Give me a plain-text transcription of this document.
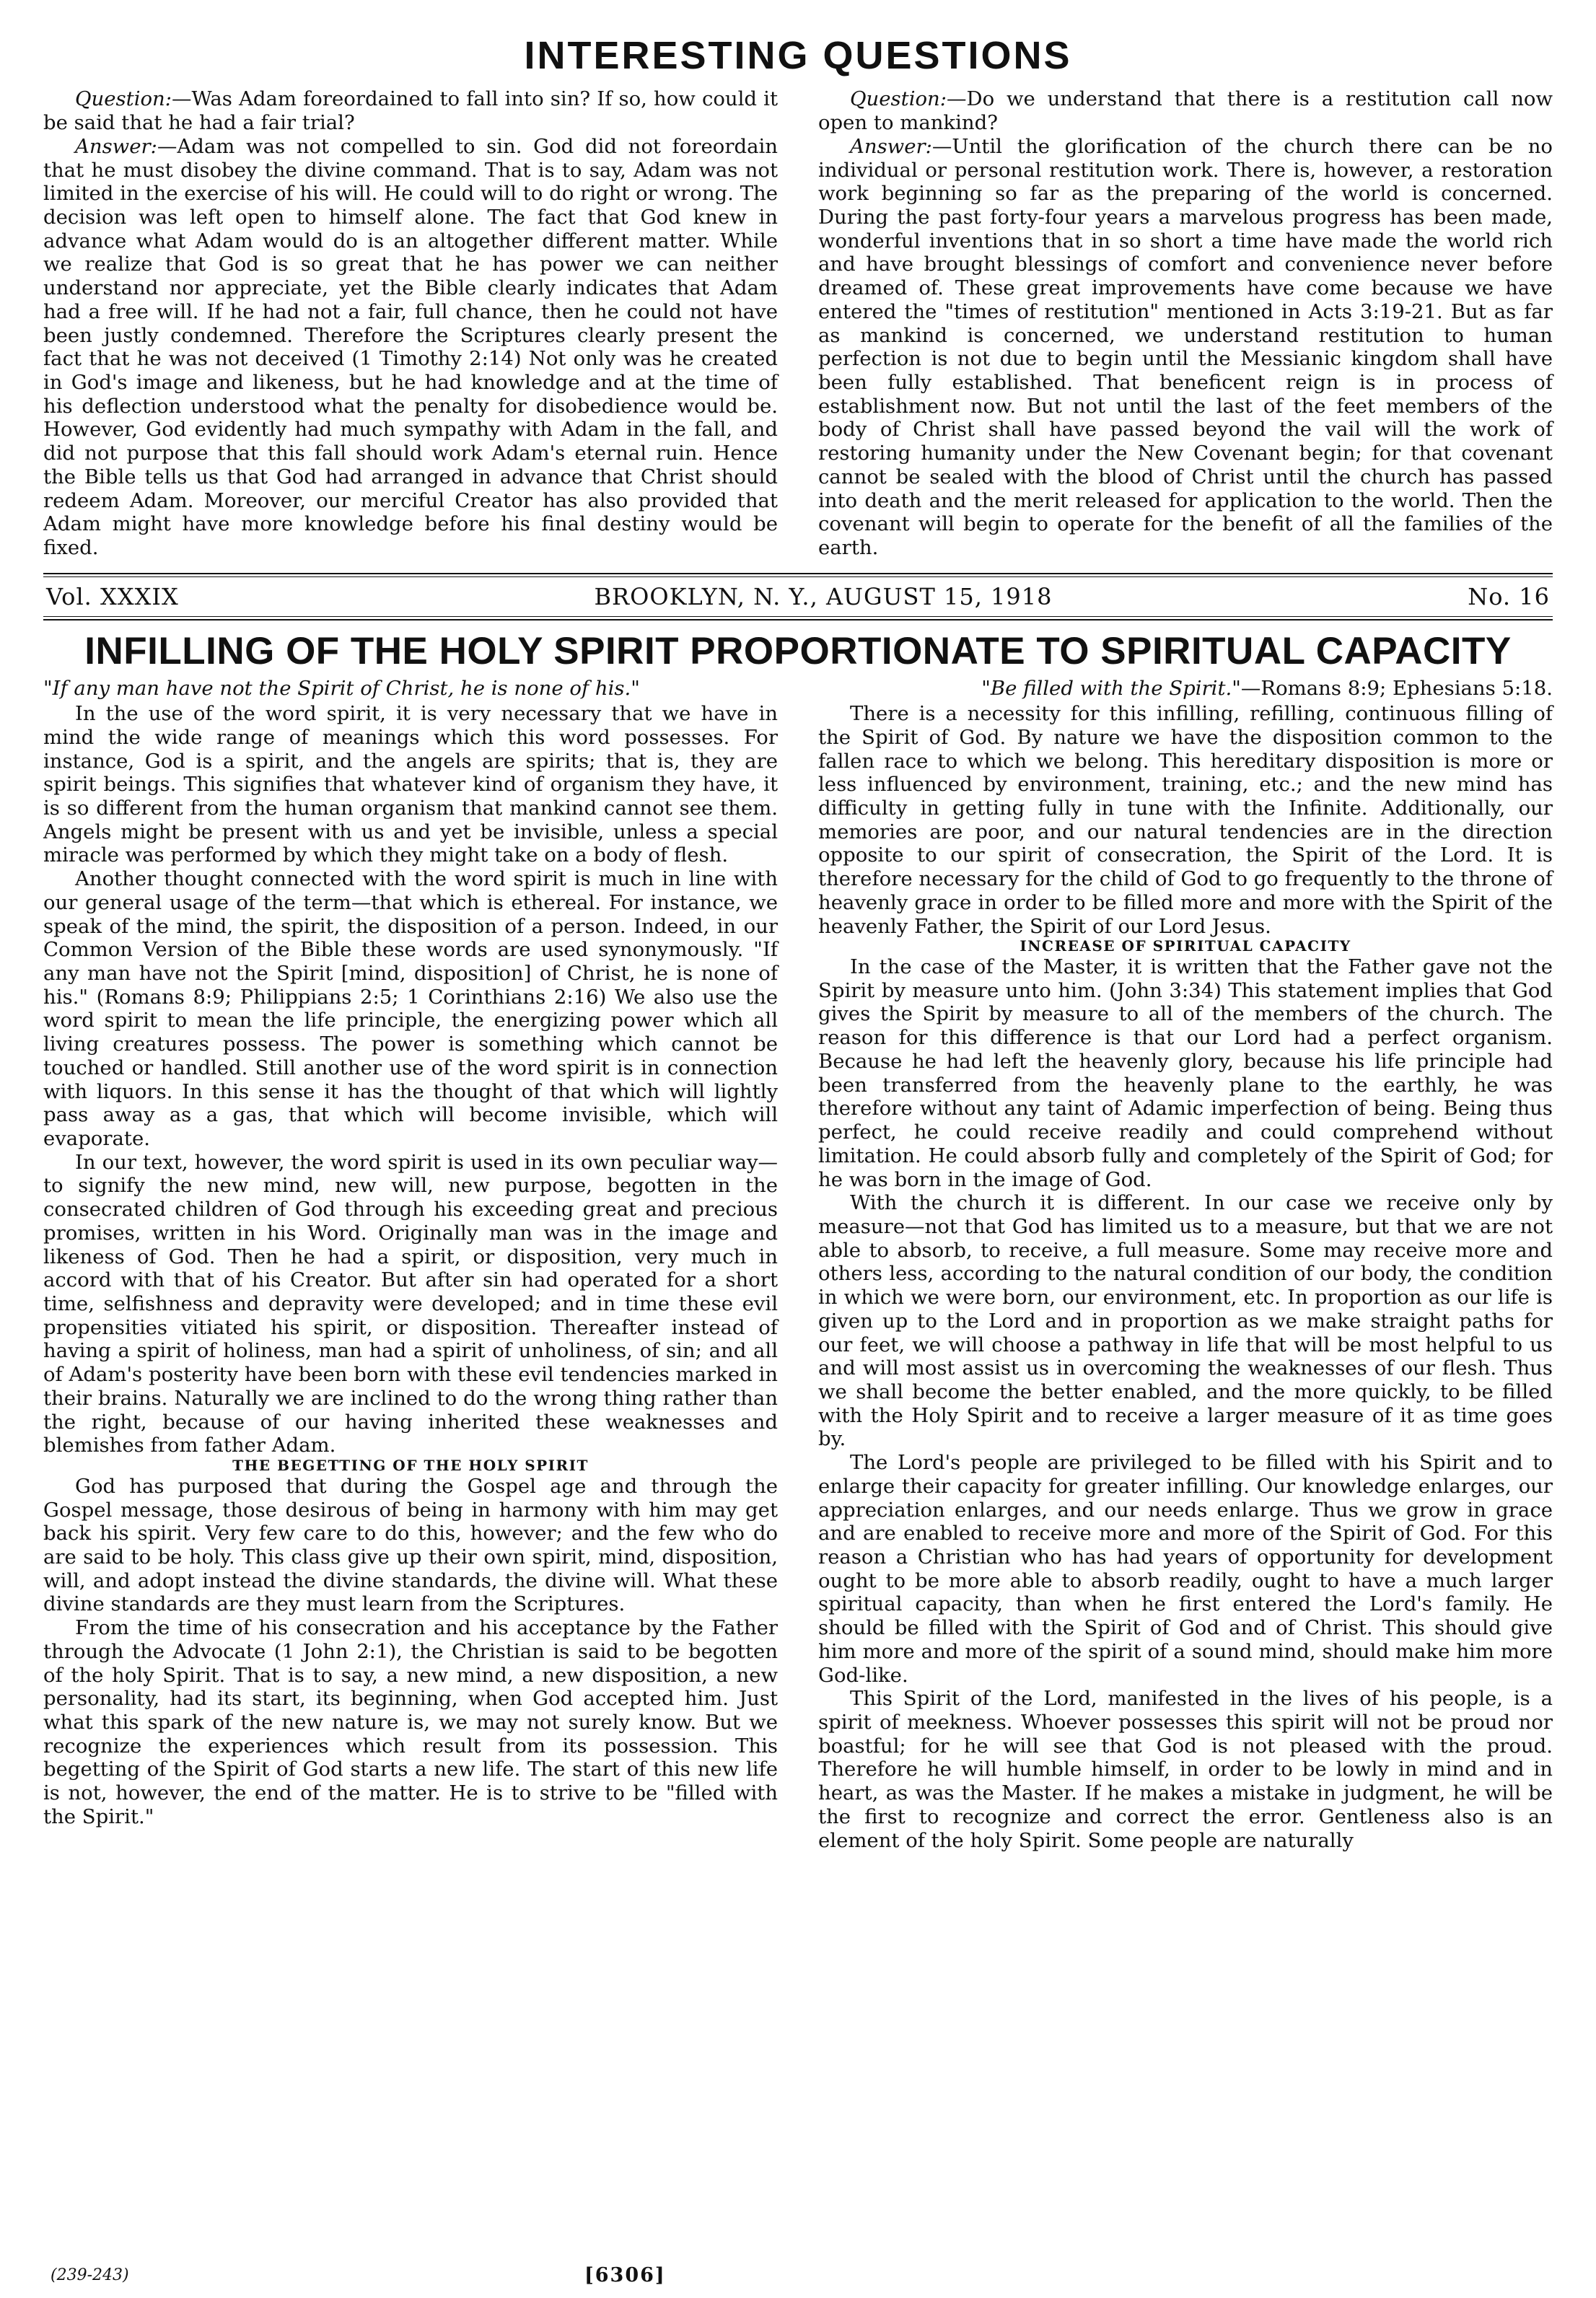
INTERESTING QUESTIONS

Question:—Was Adam foreordained to fall into sin? If so, how could it be said that he had a fair trial?

Answer:—Adam was not compelled to sin. God did not foreordain that he must disobey the divine command. That is to say, Adam was not limited in the exercise of his will. He could will to do right or wrong. The decision was left open to himself alone. The fact that God knew in advance what Adam would do is an altogether different matter. While we realize that God is so great that he has power we can neither understand nor appreciate, yet the Bible clearly indicates that Adam had a free will. If he had not a fair, full chance, then he could not have been justly condemned. Therefore the Scriptures clearly present the fact that he was not deceived (1 Timothy 2:14) Not only was he created in God's image and likeness, but he had knowledge and at the time of his deflection understood what the penalty for disobedience would be. However, God evidently had much sympathy with Adam in the fall, and did not purpose that this fall should work Adam's eternal ruin. Hence the Bible tells us that God had arranged in advance that Christ should redeem Adam. Moreover, our merciful Creator has also provided that Adam might have more knowledge before his final destiny would be fixed.

Question:—Do we understand that there is a restitution call now open to mankind?

Answer:—Until the glorification of the church there can be no individual or personal restitution work. There is, however, a restoration work beginning so far as the preparing of the world is concerned. During the past forty-four years a marvelous progress has been made, wonderful inventions that in so short a time have made the world rich and have brought blessings of comfort and convenience never before dreamed of. These great improvements have come because we have entered the "times of restitution" mentioned in Acts 3:19-21. But as far as mankind is concerned, we understand restitution to human perfection is not due to begin until the Messianic kingdom shall have been fully established. That beneficent reign is in process of establishment now. But not until the last of the feet members of the body of Christ shall have passed beyond the vail will the work of restoring humanity under the New Covenant begin; for that covenant cannot be sealed with the blood of Christ until the church has passed into death and the merit released for application to the world. Then the covenant will begin to operate for the benefit of all the families of the earth.

Vol. XXXIX	BROOKLYN, N. Y., AUGUST 15, 1918	No. 16
INFILLING OF THE HOLY SPIRIT PROPORTIONATE TO SPIRITUAL CAPACITY
"If any man have not the Spirit of Christ, he is none of his."	"Be filled with the Spirit."—Romans 8:9; Ephesians 5:18.

In the use of the word spirit, it is very necessary that we have in mind the wide range of meanings which this word possesses. For instance, God is a spirit, and the angels are spirits; that is, they are spirit beings. This signifies that whatever kind of organism they have, it is so different from the human organism that mankind cannot see them. Angels might be present with us and yet be invisible, unless a special miracle was performed by which they might take on a body of flesh.

Another thought connected with the word spirit is much in line with our general usage of the term—that which is ethereal. For instance, we speak of the mind, the spirit, the disposition of a person. Indeed, in our Common Version of the Bible these words are used synonymously. "If any man have not the Spirit [mind, disposition] of Christ, he is none of his." (Romans 8:9; Philippians 2:5; 1 Corinthians 2:16) We also use the word spirit to mean the life principle, the energizing power which all living creatures possess. The power is something which cannot be touched or handled. Still another use of the word spirit is in connection with liquors. In this sense it has the thought of that which will lightly pass away as a gas, that which will become invisible, which will evaporate.

In our text, however, the word spirit is used in its own peculiar way—to signify the new mind, new will, new purpose, begotten in the consecrated children of God through his exceeding great and precious promises, written in his Word. Originally man was in the image and likeness of God. Then he had a spirit, or disposition, very much in accord with that of his Creator. But after sin had operated for a short time, selfishness and depravity were developed; and in time these evil propensities vitiated his spirit, or disposition. Thereafter instead of having a spirit of holiness, man had a spirit of unholiness, of sin; and all of Adam's posterity have been born with these evil tendencies marked in their brains. Naturally we are inclined to do the wrong thing rather than the right, because of our having inherited these weaknesses and blemishes from father Adam.

THE BEGETTING OF THE HOLY SPIRIT

God has purposed that during the Gospel age and through the Gospel message, those desirous of being in harmony with him may get back his spirit. Very few care to do this, however; and the few who do are said to be holy. This class give up their own spirit, mind, disposition, will, and adopt instead the divine standards, the divine will. What these divine standards are they must learn from the Scriptures.

From the time of his consecration and his acceptance by the Father through the Advocate (1 John 2:1), the Christian is said to be begotten of the holy Spirit. That is to say, a new mind, a new disposition, a new personality, had its start, its beginning, when God accepted him. Just what this spark of the new nature is, we may not surely know. But we recognize the experiences which result from its possession. This begetting of the Spirit of God starts a new life. The start of this new life is not, however, the end of the matter. He is to strive to be "filled with the Spirit."

There is a necessity for this infilling, refilling, continuous filling of the Spirit of God. By nature we have the disposition common to the fallen race to which we belong. This hereditary disposition is more or less influenced by environment, training, etc.; and the new mind has difficulty in getting fully in tune with the Infinite. Additionally, our memories are poor, and our natural tendencies are in the direction opposite to our spirit of consecration, the Spirit of the Lord. It is therefore necessary for the child of God to go frequently to the throne of heavenly grace in order to be filled more and more with the Spirit of the heavenly Father, the Spirit of our Lord Jesus.

INCREASE OF SPIRITUAL CAPACITY

In the case of the Master, it is written that the Father gave not the Spirit by measure unto him. (John 3:34) This statement implies that God gives the Spirit by measure to all of the members of the church. The reason for this difference is that our Lord had a perfect organism. Because he had left the heavenly glory, because his life principle had been transferred from the heavenly plane to the earthly, he was therefore without any taint of Adamic imperfection of being. Being thus perfect, he could receive readily and could comprehend without limitation. He could absorb fully and completely of the Spirit of God; for he was born in the image of God.

With the church it is different. In our case we receive only by measure—not that God has limited us to a measure, but that we are not able to absorb, to receive, a full measure. Some may receive more and others less, according to the natural condition of our body, the condition in which we were born, our environment, etc. In proportion as our life is given up to the Lord and in proportion as we make straight paths for our feet, we will choose a pathway in life that will be most helpful to us and will most assist us in overcoming the weaknesses of our flesh. Thus we shall become the better enabled, and the more quickly, to be filled with the Holy Spirit and to receive a larger measure of it as time goes by.

The Lord's people are privileged to be filled with his Spirit and to enlarge their capacity for greater infilling. Our knowledge enlarges, our appreciation enlarges, and our needs enlarge. Thus we grow in grace and are enabled to receive more and more of the Spirit of God. For this reason a Christian who has had years of opportunity for development ought to be more able to absorb readily, ought to have a much larger spiritual capacity, than when he first entered the Lord's family. He should be filled with the Spirit of God and of Christ. This should give him more and more of the spirit of a sound mind, should make him more God-like.

This Spirit of the Lord, manifested in the lives of his people, is a spirit of meekness. Whoever possesses this spirit will not be proud nor boastful; for he will see that God is not pleased with the proud. Therefore he will humble himself, in order to be lowly in mind and in heart, as was the Master. If he makes a mistake in judgment, he will be the first to recognize and correct the error. Gentleness also is an element of the holy Spirit. Some people are naturally

(239-243)	[6306]
